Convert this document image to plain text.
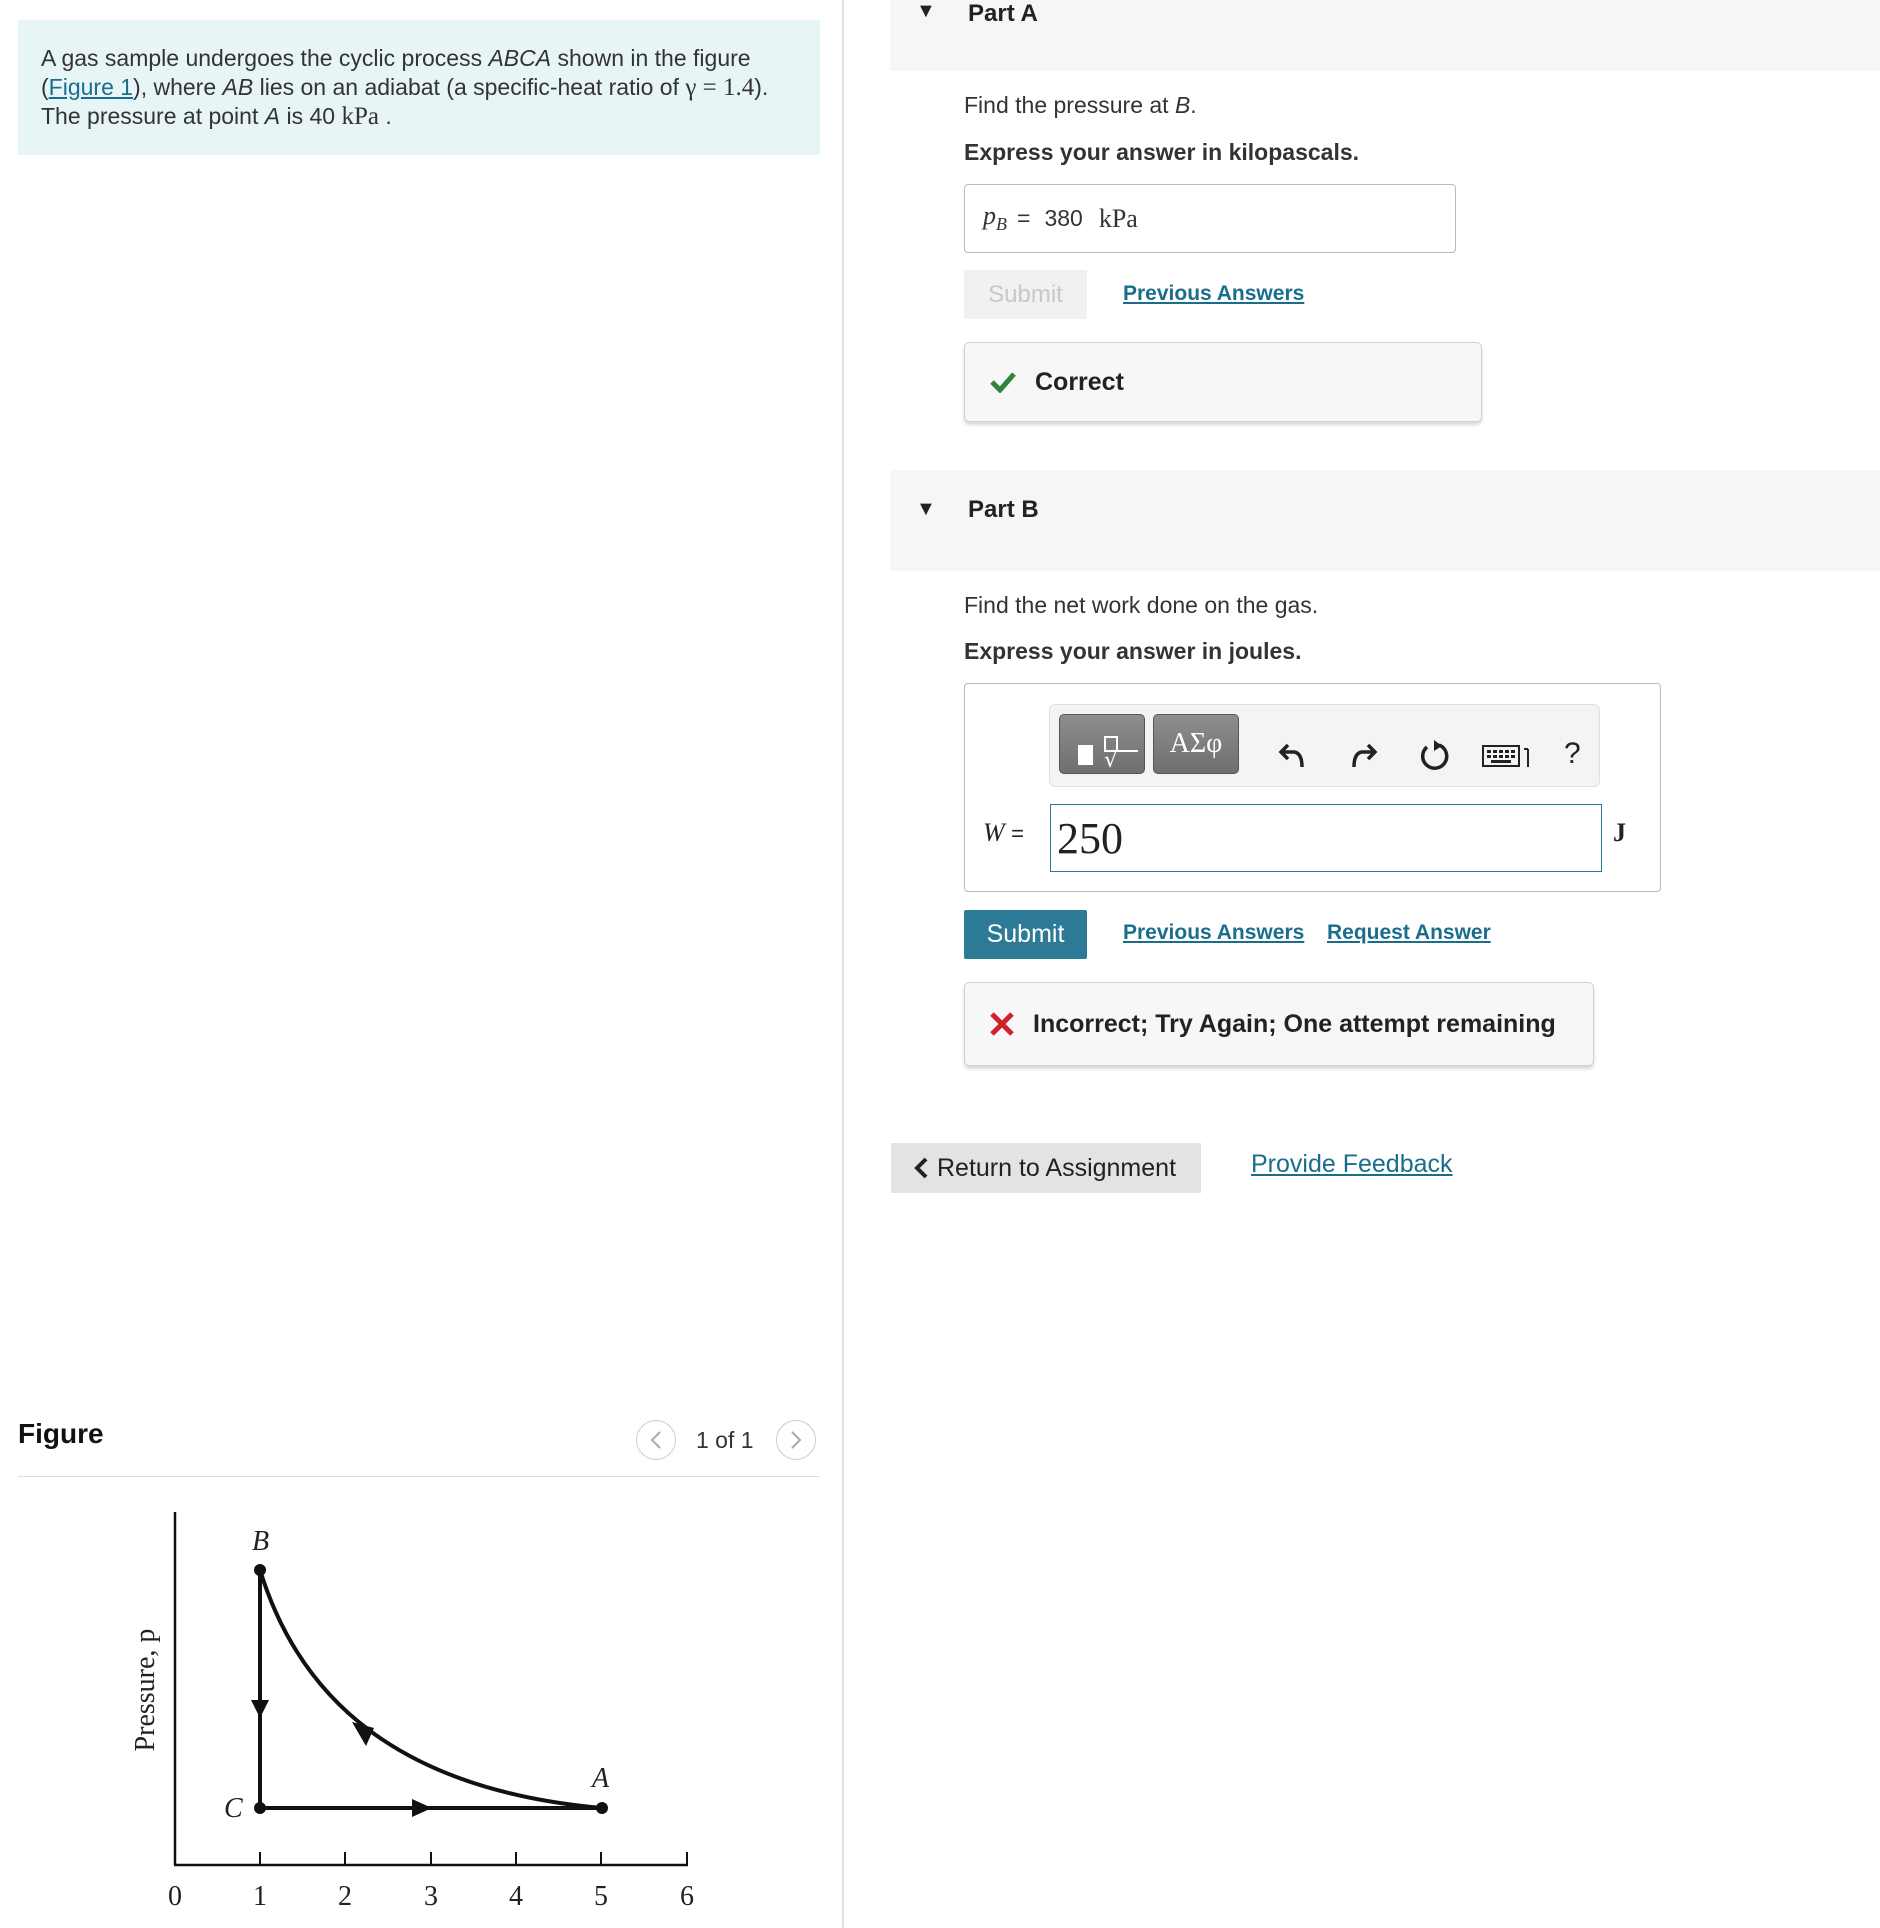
A gas sample undergoes the cyclic process ABCA shown in the figure (Figure 1), where AB lies on an adiabat (a specific-heat ratio of γ = 1.4).
The pressure at point A is 40 kPa .
Figure	1 of 1
0	1	2	3	4	5	6
Pressure, p
B
C
A
▼ Part A
Find the pressure at B.
Express your answer in kilopascals.
$p_B = 380$ kPa
Submit	Previous Answers
Correct
▼ Part B
Find the net work done on the gas.
Express your answer in joules.
√
ΑΣφ	?
W =
250	J
Submit	Previous Answers Request Answer
Incorrect; Try Again; One attempt remaining
Return to Assignment	Provide Feedback
